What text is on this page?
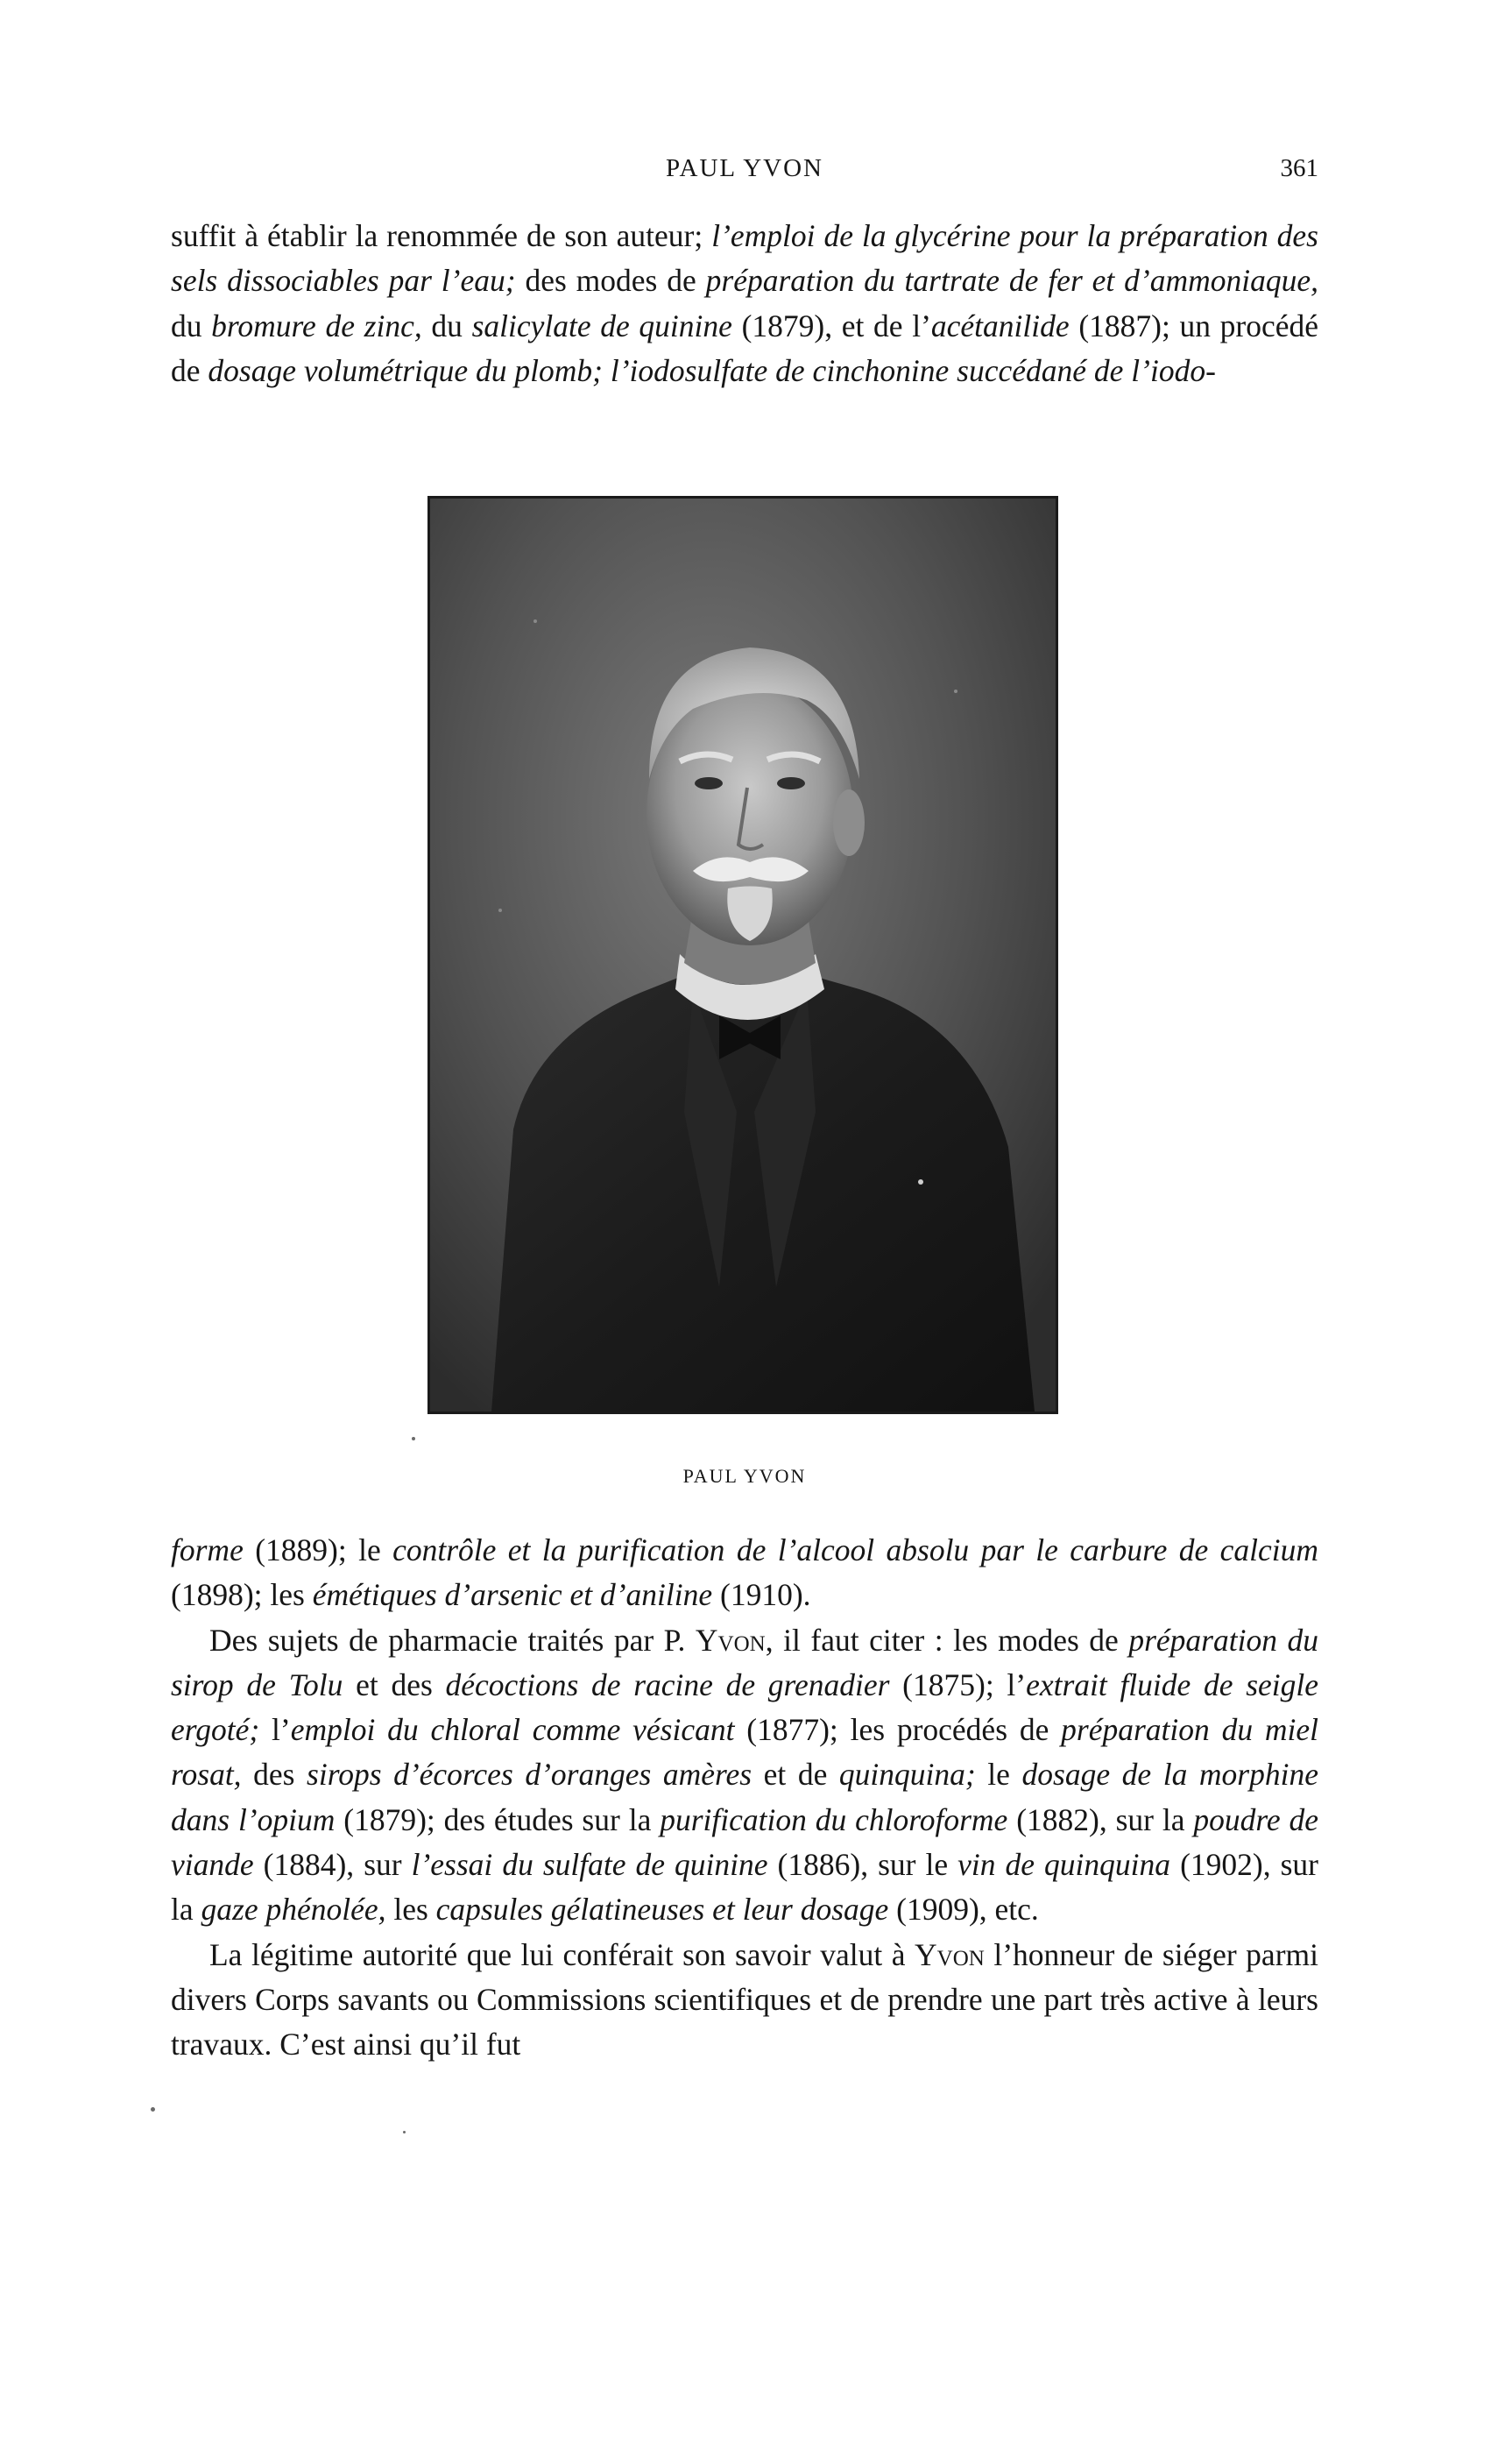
PAUL YVON	361

suffit à établir la renommée de son auteur; l’emploi de la glycérine pour la préparation des sels dissociables par l’eau; des modes de préparation du tartrate de fer et d’ammoniaque, du bromure de zinc, du salicylate de quinine (1879), et de l’acétanilide (1887); un procédé de dosage volumétrique du plomb; l’iodosulfate de cinchonine succédané de l’iodo-

PAUL YVON

forme (1889); le contrôle et la purification de l’alcool absolu par le carbure de calcium (1898); les émétiques d’arsenic et d’aniline (1910).

Des sujets de pharmacie traités par P. Yvon, il faut citer : les modes de préparation du sirop de Tolu et des décoctions de racine de grenadier (1875); l’extrait fluide de seigle ergoté; l’emploi du chloral comme vésicant (1877); les procédés de préparation du miel rosat, des sirops d’écorces d’oranges amères et de quinquina; le dosage de la morphine dans l’opium (1879); des études sur la purification du chloroforme (1882), sur la poudre de viande (1884), sur l’essai du sulfate de quinine (1886), sur le vin de quinquina (1902), sur la gaze phénolée, les capsules gélatineuses et leur dosage (1909), etc.

La légitime autorité que lui conférait son savoir valut à Yvon l’honneur de siéger parmi divers Corps savants ou Commissions scientifiques et de prendre une part très active à leurs travaux. C’est ainsi qu’il fut
